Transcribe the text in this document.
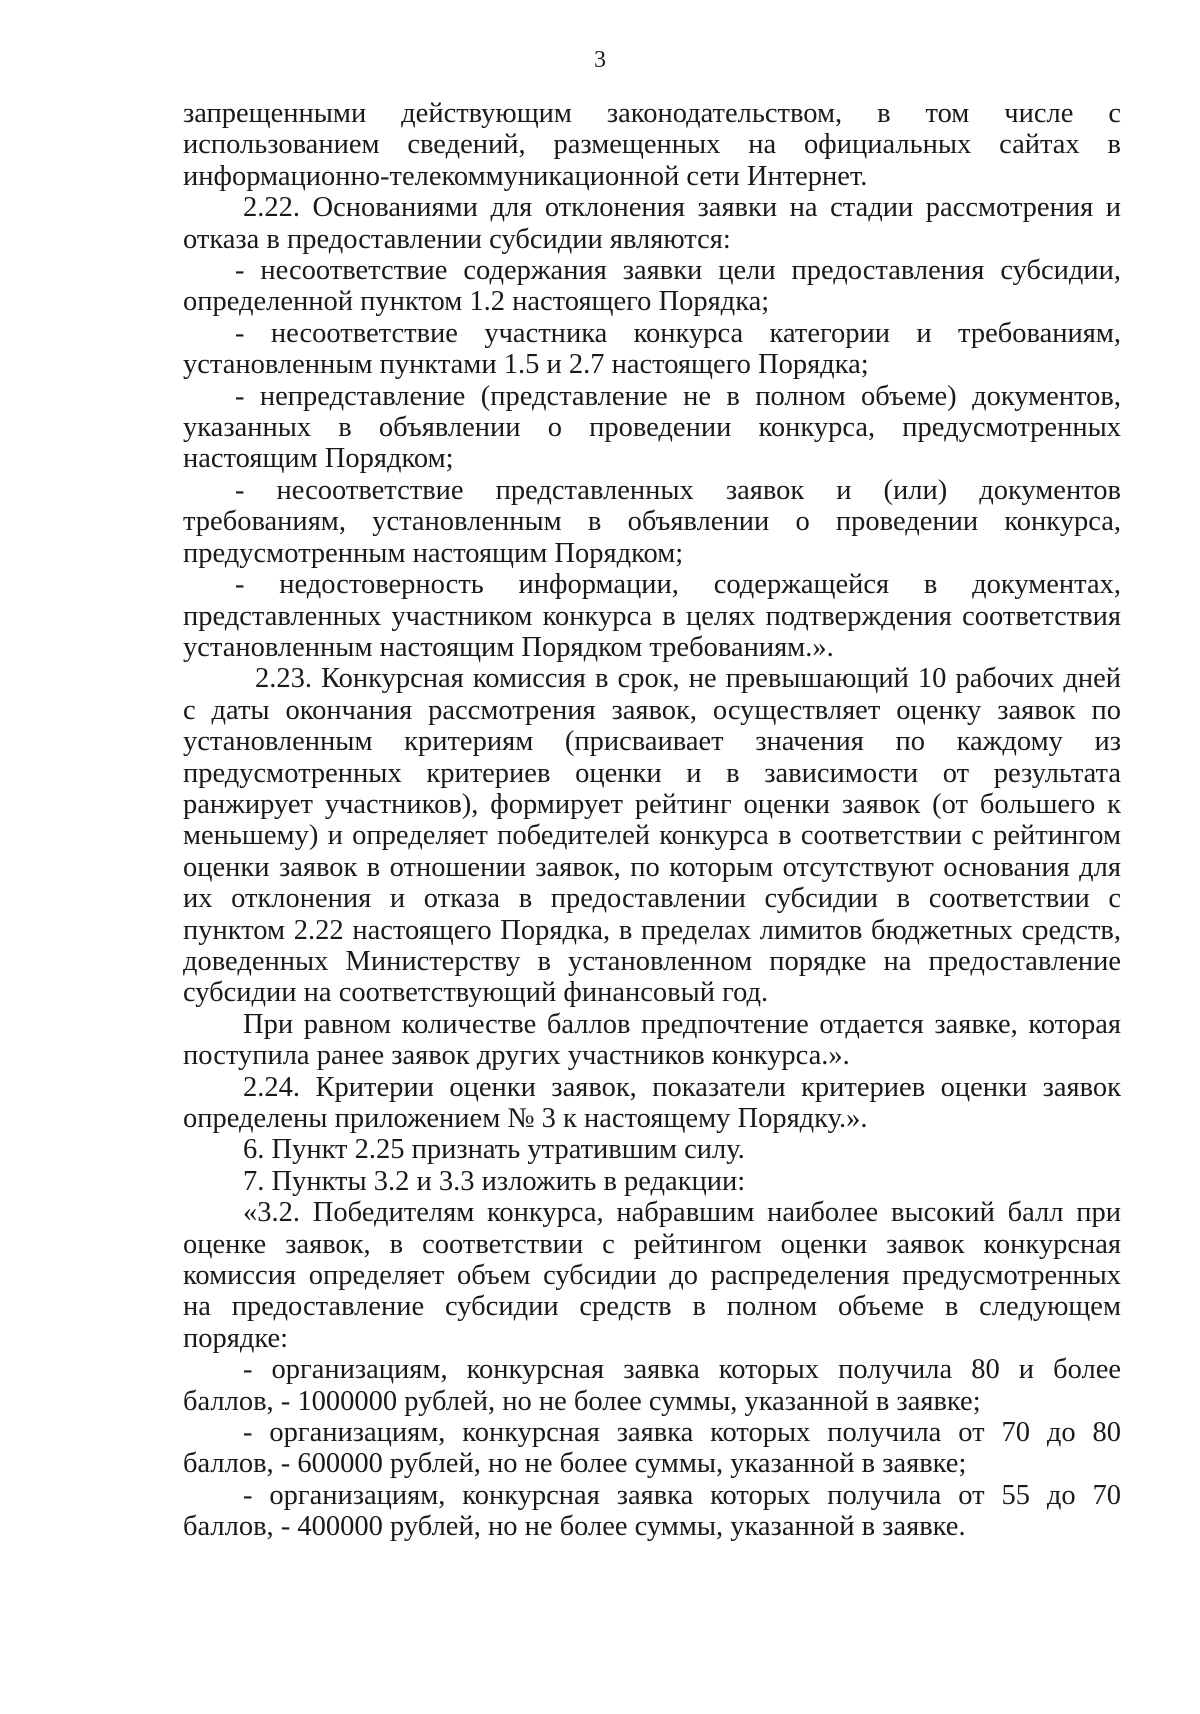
3

запрещенными действующим законодательством, в том числе с использованием сведений, размещенных на официальных сайтах в информационно-телекоммуникационной сети Интернет.

2.22. Основаниями для отклонения заявки на стадии рассмотрения и отказа в предоставлении субсидии являются:

- несоответствие содержания заявки цели предоставления субсидии, определенной пунктом 1.2 настоящего Порядка;

- несоответствие участника конкурса категории и требованиям, установленным пунктами 1.5 и 2.7 настоящего Порядка;

- непредставление (представление не в полном объеме) документов, указанных в объявлении о проведении конкурса, предусмотренных настоящим Порядком;

- несоответствие представленных заявок и (или) документов требованиям, установленным в объявлении о проведении конкурса, предусмотренным настоящим Порядком;

- недостоверность информации, содержащейся в документах, представленных участником конкурса в целях подтверждения соответствия установленным настоящим Порядком требованиям.».

2.23. Конкурсная комиссия в срок, не превышающий 10 рабочих дней с даты окончания рассмотрения заявок, осуществляет оценку заявок по установленным критериям (присваивает значения по каждому из предусмотренных критериев оценки и в зависимости от результата ранжирует участников), формирует рейтинг оценки заявок (от большего к меньшему) и определяет победителей конкурса в соответствии с рейтингом оценки заявок в отношении заявок, по которым отсутствуют основания для их отклонения и отказа в предоставлении субсидии в соответствии с пунктом 2.22 настоящего Порядка, в пределах лимитов бюджетных средств, доведенных Министерству в установленном порядке на предоставление субсидии на соответствующий финансовый год.

При равном количестве баллов предпочтение отдается заявке, которая поступила ранее заявок других участников конкурса.».

2.24. Критерии оценки заявок, показатели критериев оценки заявок определены приложением № 3 к настоящему Порядку.».

6. Пункт 2.25 признать утратившим силу.

7. Пункты 3.2 и 3.3 изложить в редакции:

«3.2. Победителям конкурса, набравшим наиболее высокий балл при оценке заявок, в соответствии с рейтингом оценки заявок конкурсная комиссия определяет объем субсидии до распределения предусмотренных на предоставление субсидии средств в полном объеме в следующем порядке:

- организациям, конкурсная заявка которых получила 80 и более баллов, - 1000000 рублей, но не более суммы, указанной в заявке;

- организациям, конкурсная заявка которых получила от 70 до 80 баллов, - 600000 рублей, но не более суммы, указанной в заявке;

- организациям, конкурсная заявка которых получила от 55 до 70 баллов, - 400000 рублей, но не более суммы, указанной в заявке.
